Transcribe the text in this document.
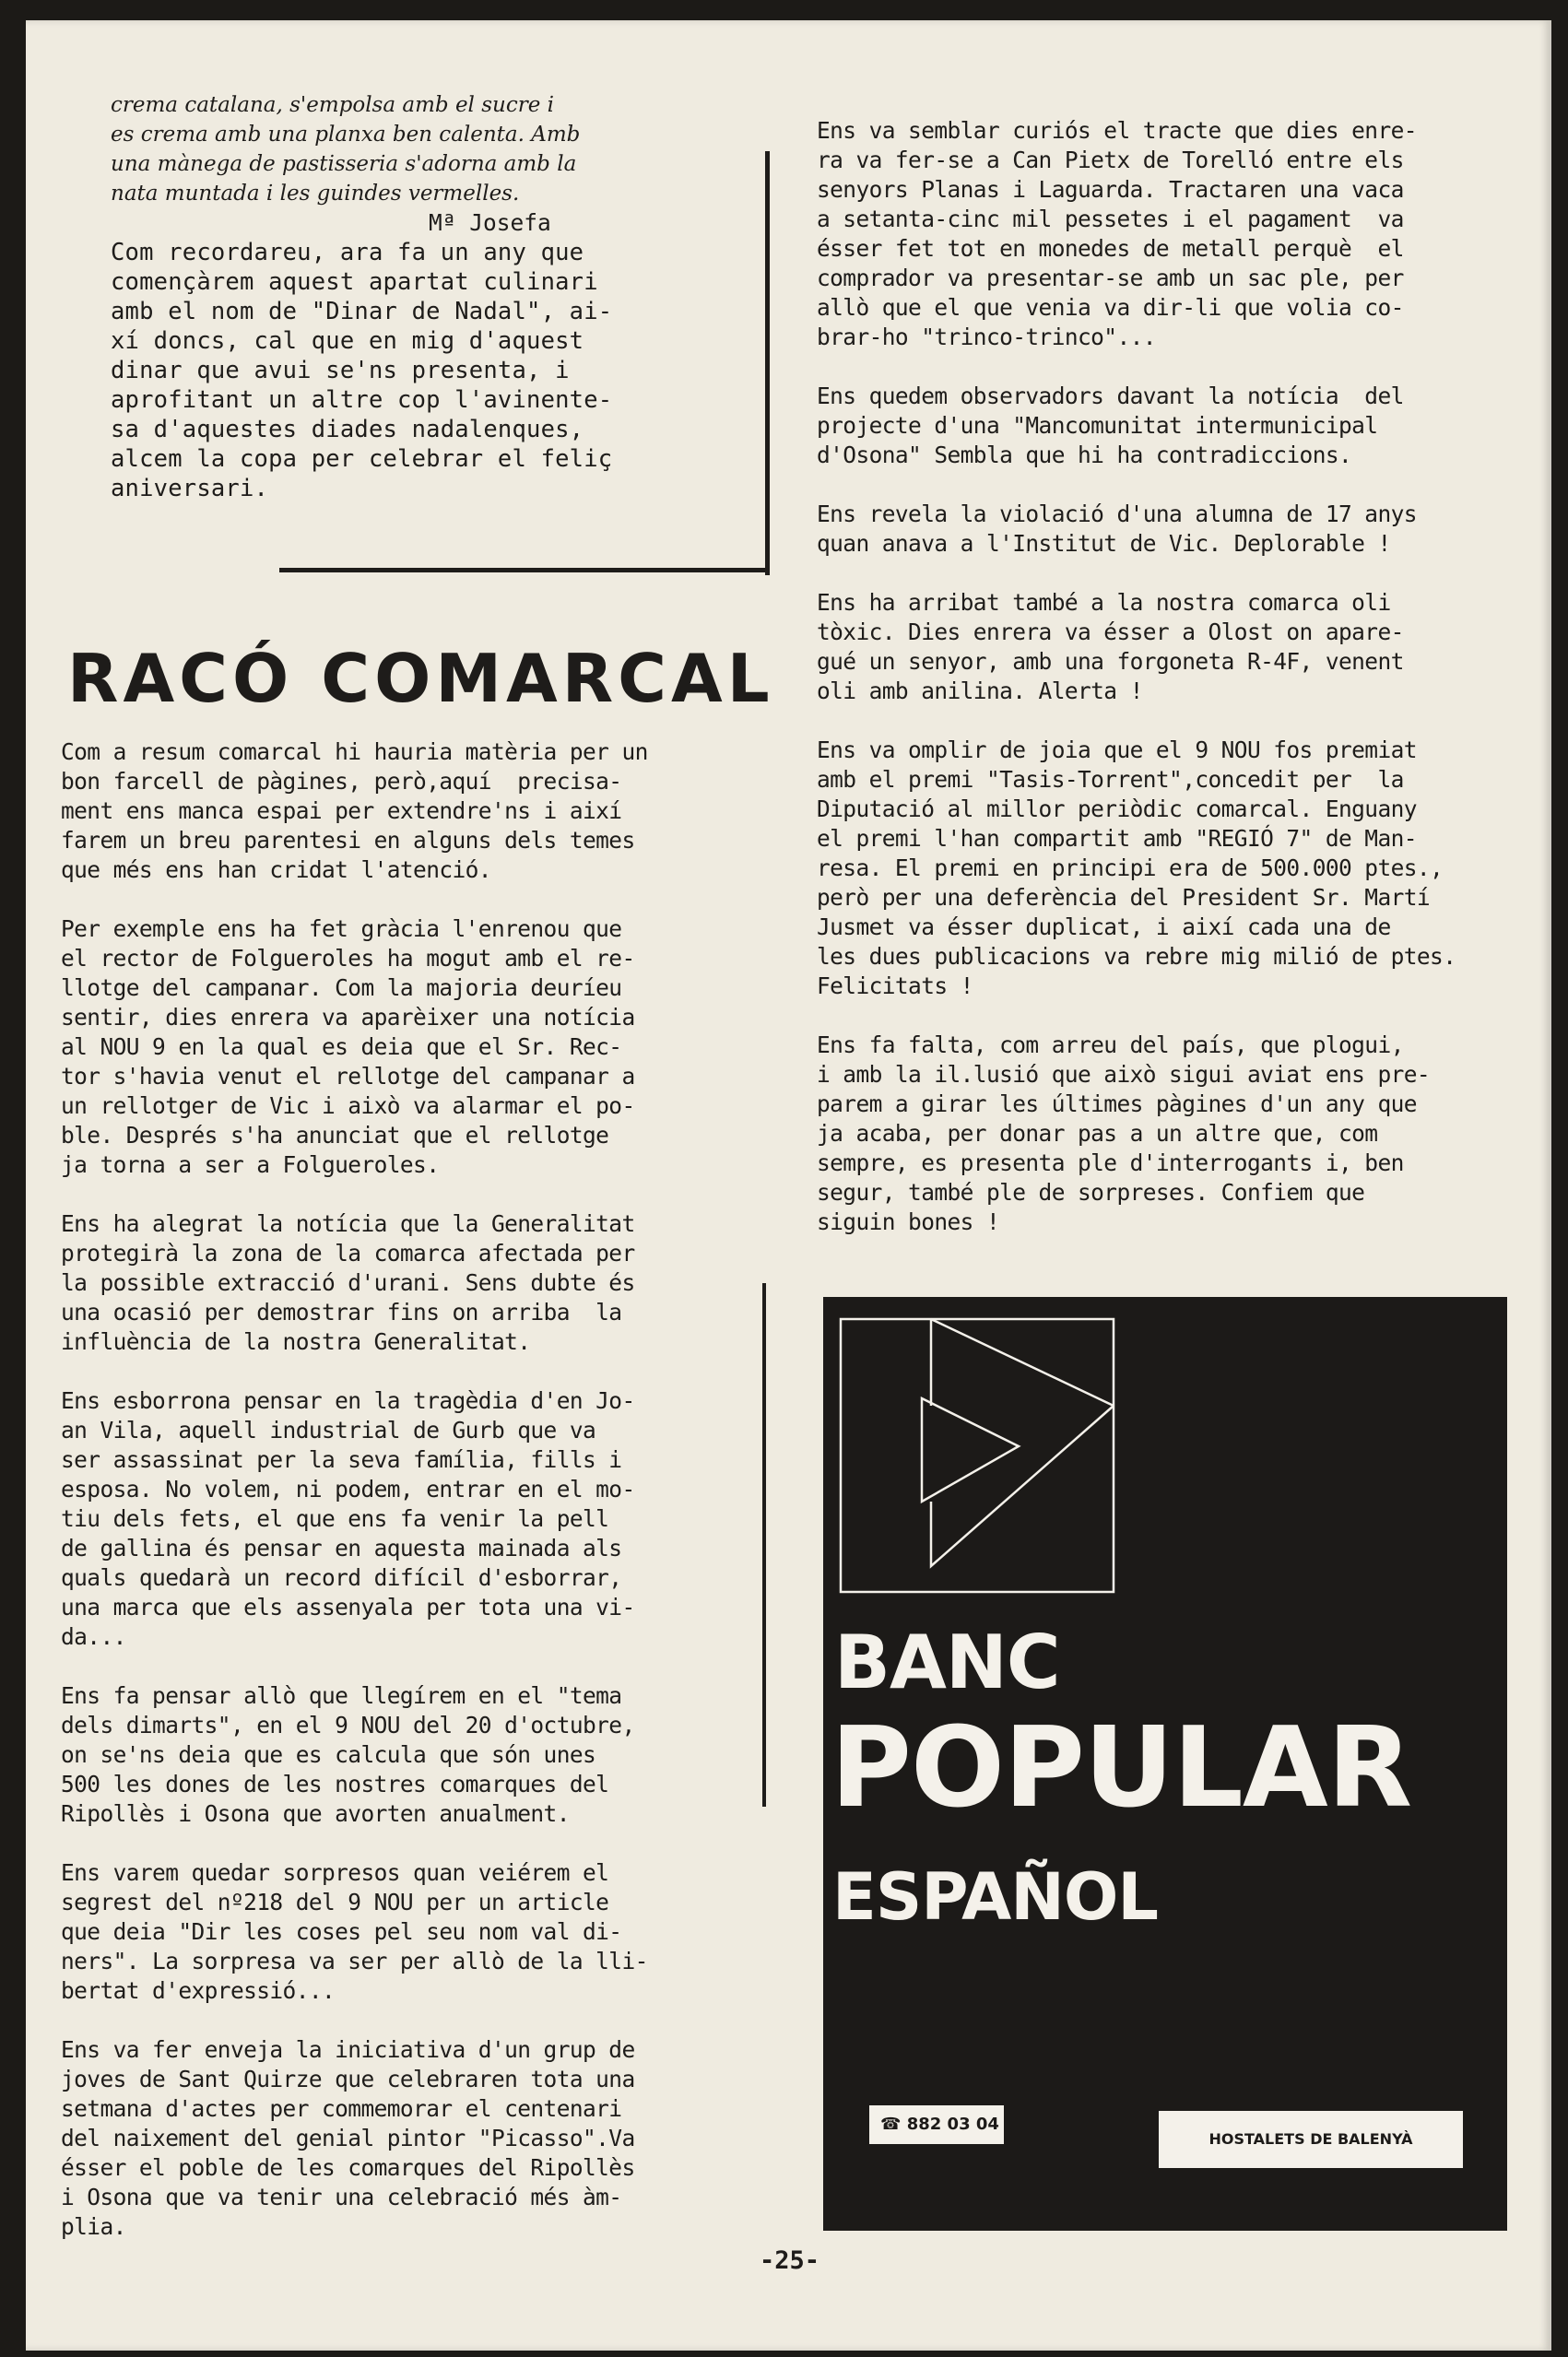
crema catalana, s'empolsa amb el sucre i
es crema amb una planxa ben calenta. Amb
una mànega de pastisseria s'adorna amb la
nata muntada i les guindes vermelles.

Mª Josefa

Com recordareu, ara fa un any que
començàrem aquest apartat culinari
amb el nom de "Dinar de Nadal", ai-
xí doncs, cal que en mig d'aquest
dinar que avui se'ns presenta, i
aprofitant un altre cop l'avinente-
sa d'aquestes diades nadalenques,
alcem la copa per celebrar el feliç
aniversari.

RACÓ COMARCAL

Com a resum comarcal hi hauria matèria per un
bon farcell de pàgines, però,aquí  precisa-
ment ens manca espai per extendre'ns i així
farem un breu parentesi en alguns dels temes
que més ens han cridat l'atenció.

Per exemple ens ha fet gràcia l'enrenou que
el rector de Folgueroles ha mogut amb el re-
llotge del campanar. Com la majoria deuríeu
sentir, dies enrera va aparèixer una notícia
al NOU 9 en la qual es deia que el Sr. Rec-
tor s'havia venut el rellotge del campanar a
un rellotger de Vic i això va alarmar el po-
ble. Després s'ha anunciat que el rellotge
ja torna a ser a Folgueroles.

Ens ha alegrat la notícia que la Generalitat
protegirà la zona de la comarca afectada per
la possible extracció d'urani. Sens dubte és
una ocasió per demostrar fins on arriba  la
influència de la nostra Generalitat.

Ens esborrona pensar en la tragèdia d'en Jo-
an Vila, aquell industrial de Gurb que va
ser assassinat per la seva família, fills i
esposa. No volem, ni podem, entrar en el mo-
tiu dels fets, el que ens fa venir la pell
de gallina és pensar en aquesta mainada als
quals quedarà un record difícil d'esborrar,
una marca que els assenyala per tota una vi-
da...

Ens fa pensar allò que llegírem en el "tema
dels dimarts", en el 9 NOU del 20 d'octubre,
on se'ns deia que es calcula que són unes
500 les dones de les nostres comarques del
Ripollès i Osona que avorten anualment.

Ens varem quedar sorpresos quan veiérem el
segrest del nº218 del 9 NOU per un article
que deia "Dir les coses pel seu nom val di-
ners". La sorpresa va ser per allò de la lli-
bertat d'expressió...

Ens va fer enveja la iniciativa d'un grup de
joves de Sant Quirze que celebraren tota una
setmana d'actes per commemorar el centenari
del naixement del genial pintor "Picasso".Va
ésser el poble de les comarques del Ripollès
i Osona que va tenir una celebració més àm-
plia.

Ens va semblar curiós el tracte que dies enre-
ra va fer-se a Can Pietx de Torelló entre els
senyors Planas i Laguarda. Tractaren una vaca
a setanta-cinc mil pessetes i el pagament  va
ésser fet tot en monedes de metall perquè  el
comprador va presentar-se amb un sac ple, per
allò que el que venia va dir-li que volia co-
brar-ho "trinco-trinco"...

Ens quedem observadors davant la notícia  del
projecte d'una "Mancomunitat intermunicipal
d'Osona" Sembla que hi ha contradiccions.

Ens revela la violació d'una alumna de 17 anys
quan anava a l'Institut de Vic. Deplorable !

Ens ha arribat també a la nostra comarca oli
tòxic. Dies enrera va ésser a Olost on apare-
gué un senyor, amb una forgoneta R-4F, venent
oli amb anilina. Alerta !

Ens va omplir de joia que el 9 NOU fos premiat
amb el premi "Tasis-Torrent",concedit per  la
Diputació al millor periòdic comarcal. Enguany
el premi l'han compartit amb "REGIÓ 7" de Man-
resa. El premi en principi era de 500.000 ptes.,
però per una deferència del President Sr. Martí
Jusmet va ésser duplicat, i així cada una de
les dues publicacions va rebre mig milió de ptes.
Felicitats !

Ens fa falta, com arreu del país, que plogui,
i amb la il.lusió que això sigui aviat ens pre-
parem a girar les últimes pàgines d'un any que
ja acaba, per donar pas a un altre que, com
sempre, es presenta ple d'interrogants i, ben
segur, també ple de sorpreses. Confiem que
siguin bones !

BANC
POPULAR
ESPAÑOL
☎ 882 03 04
HOSTALETS DE BALENYÀ
-25-
